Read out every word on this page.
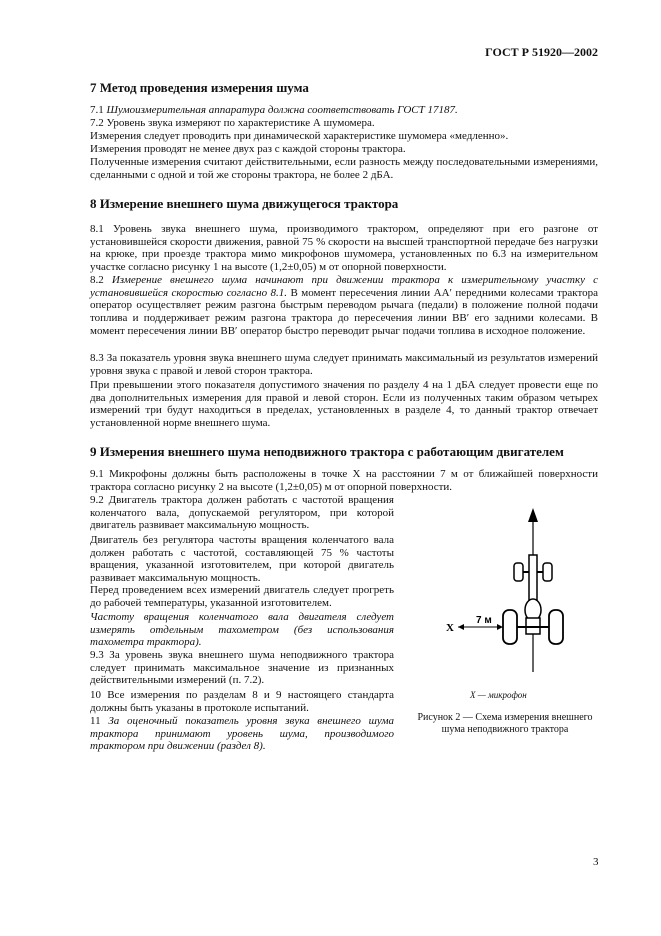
ГОСТ Р 51920—2002
7 Метод проведения измерения шума
7.1 Шумоизмерительная аппаратура должна соответствовать ГОСТ 17187.
7.2 Уровень звука измеряют по характеристике А шумомера.
Измерения следует проводить при динамической характеристике шумомера «медленно».
Измерения проводят не менее двух раз с каждой стороны трактора.
Полученные измерения считают действительными, если разность между последовательными измерениями, сделанными с одной и той же стороны трактора, не более 2 дБА.
8 Измерение внешнего шума движущегося трактора
8.1 Уровень звука внешнего шума, производимого трактором, определяют при его разгоне от установившейся скорости движения, равной 75 % скорости на высшей транспортной передаче без нагрузки на крюке, при проезде трактора мимо микрофонов шумомера, установленных по 6.3 на измерительном участке согласно рисунку 1 на высоте (1,2±0,05) м от опорной поверхности.
8.2 Измерение внешнего шума начинают при движении трактора к измерительному участку с установившейся скоростью согласно 8.1. В момент пересечения линии АА′ передними колесами трактора оператор осуществляет режим разгона быстрым переводом рычага (педали) в положение полной подачи топлива и поддерживает режим разгона трактора до пересечения линии ВВ′ его задними колесами. В момент пересечения линии ВВ′ оператор быстро переводит рычаг подачи топлива в исходное положение.
8.3 За показатель уровня звука внешнего шума следует принимать максимальный из результатов измерений уровня звука с правой и левой сторон трактора.
При превышении этого показателя допустимого значения по разделу 4 на 1 дБА следует провести еще по два дополнительных измерения для правой и левой сторон. Если из полученных таким образом четырех измерений три будут находиться в пределах, установленных в разделе 4, то данный трактор отвечает установленной норме внешнего шума.
9 Измерения внешнего шума неподвижного трактора с работающим двигателем
9.1 Микрофоны должны быть расположены в точке X на расстоянии 7 м от ближайшей поверхности трактора согласно рисунку 2 на высоте (1,2±0,05) м от опорной поверхности.
9.2 Двигатель трактора должен работать с частотой вращения коленчатого вала, допускаемой регулятором, при которой двигатель развивает максимальную мощность.
Двигатель без регулятора частоты вращения коленчатого вала должен работать с частотой, составляющей 75 % частоты вращения, указанной изготовителем, при которой двигатель развивает максимальную мощность.
Перед проведением всех измерений двигатель следует прогреть до рабочей температуры, указанной изготовителем.
Частоту вращения коленчатого вала двигателя следует измерять отдельным тахометром (без использования тахометра трактора).
9.3 За уровень звука внешнего шума неподвижного трактора следует принимать максимальное значение из признанных действительными измерений (п. 7.2).
10 Все измерения по разделам 8 и 9 настоящего стандарта должны быть указаны в протоколе испытаний.
11 За оценочный показатель уровня звука внешнего шума трактора принимают уровень шума, производимого трактором при движении (раздел 8).
X
7 м
X — микрофон
Рисунок 2 — Схема измерения внешнего шума неподвижного трактора
3
